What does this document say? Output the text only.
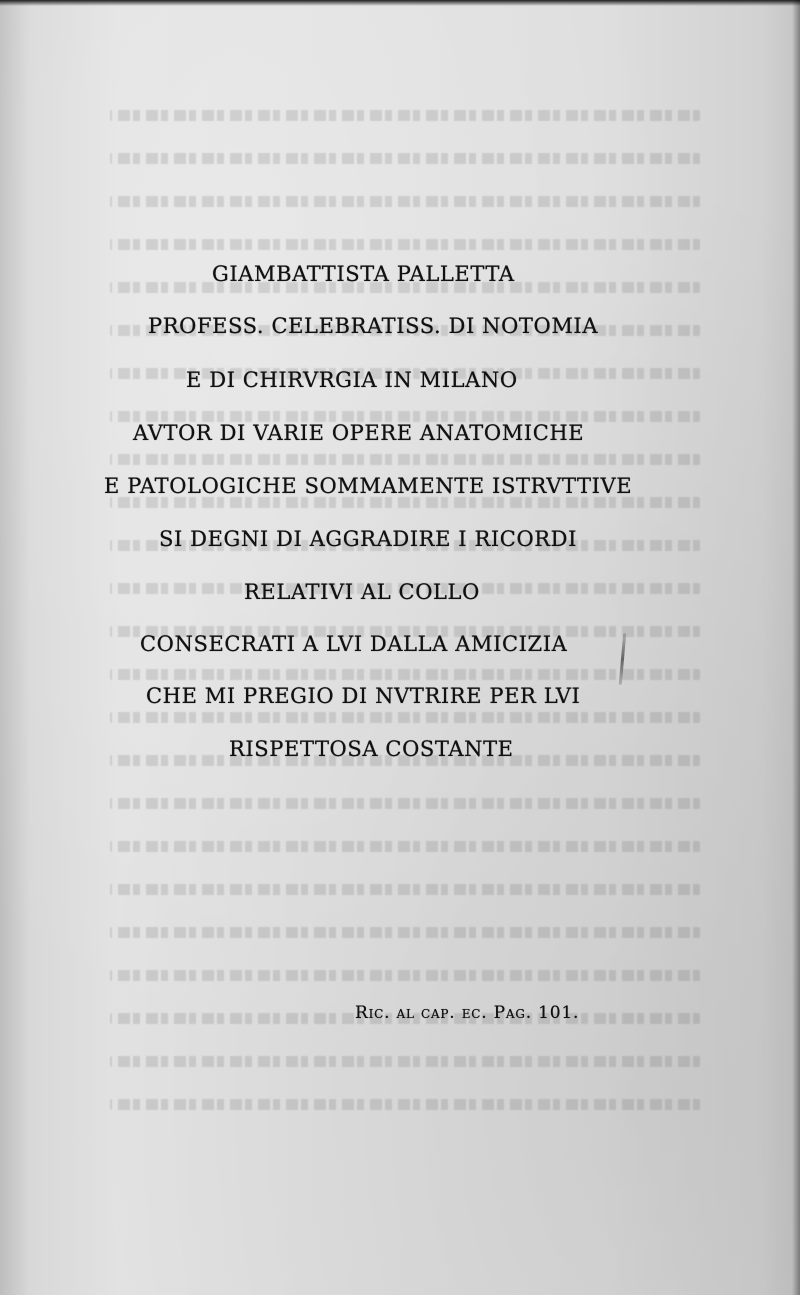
GIAMBATTISTA PALLETTA
PROFESS. CELEBRATISS. DI NOTOMIA
E DI CHIRVRGIA IN MILANO
AVTOR DI VARIE OPERE ANATOMICHE
E PATOLOGICHE SOMMAMENTE ISTRVTTIVE
SI DEGNI DI AGGRADIRE I RICORDI
RELATIVI AL COLLO
CONSECRATI A LVI DALLA AMICIZIA
CHE MI PREGIO DI NVTRIRE PER LVI
RISPETTOSA COSTANTE
Ric. al cap. ec. Pag. 101.
